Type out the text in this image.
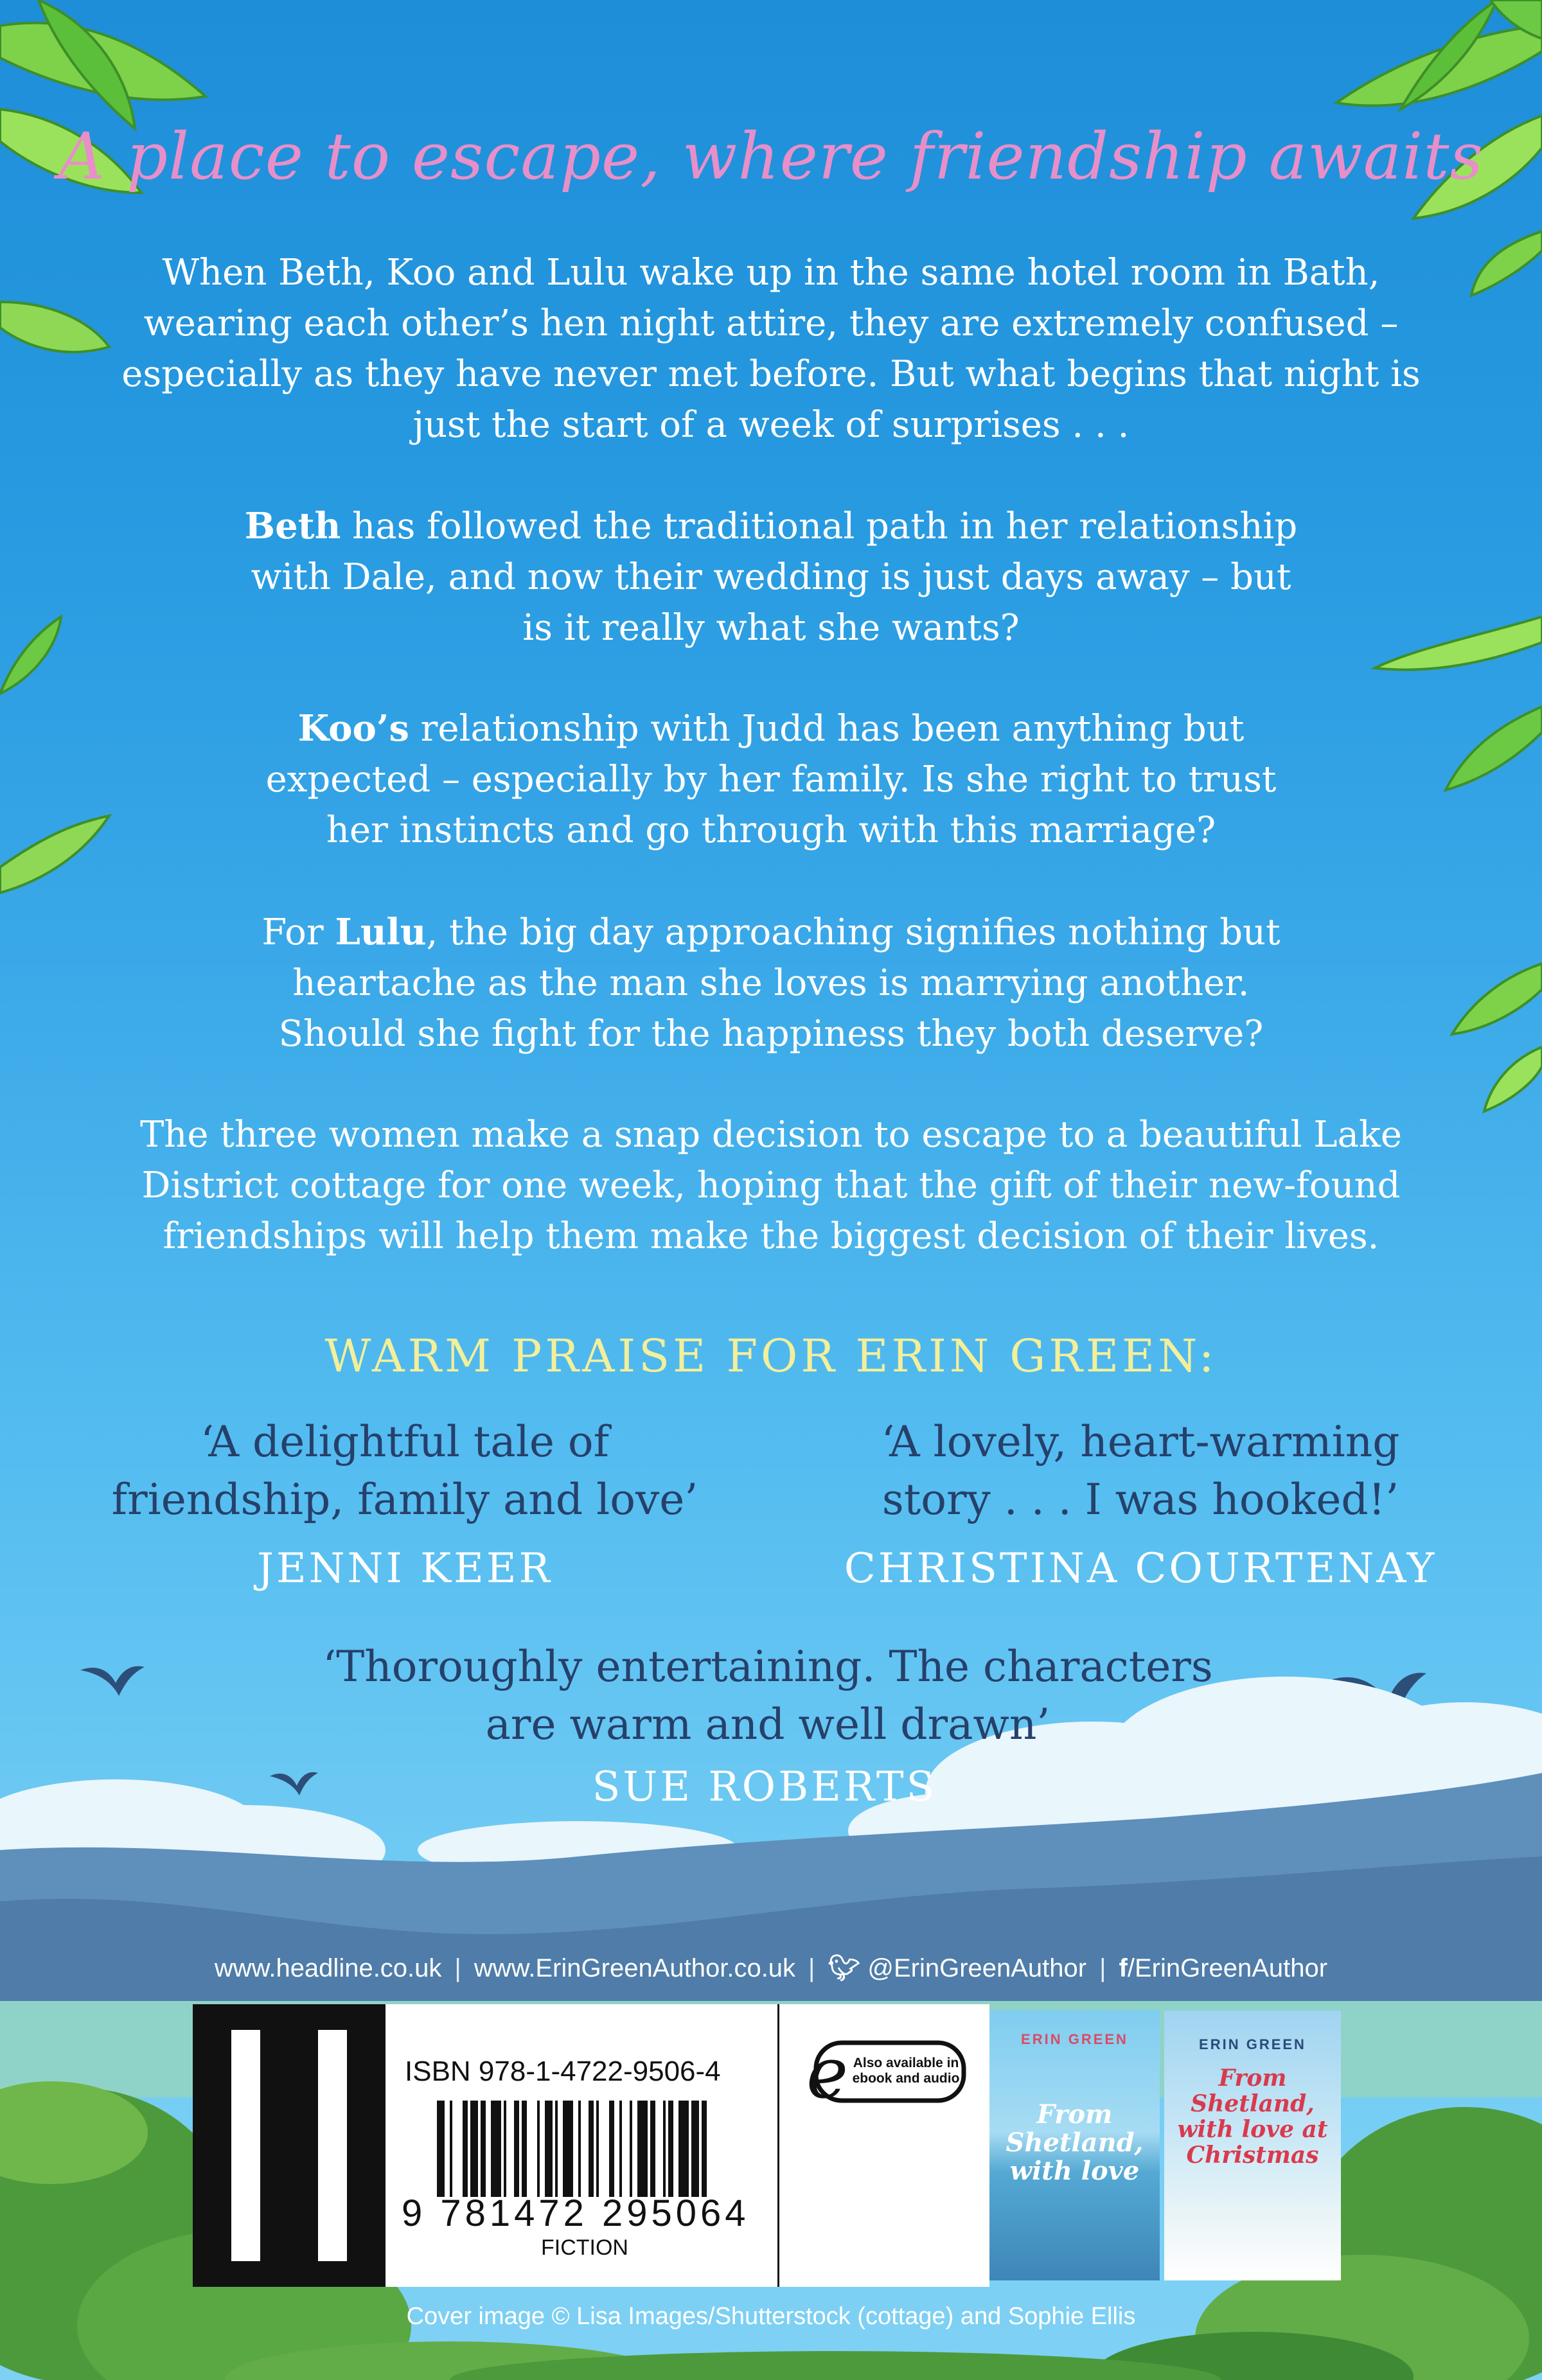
A place to escape, where friendship awaits
When Beth, Koo and Lulu wake up in the same hotel room in Bath, wearing each other’s hen night attire, they are extremely confused – especially as they have never met before. But what begins that night is just the start of a week of surprises . . .
Beth has followed the traditional path in her relationship with Dale, and now their wedding is just days away – but is it really what she wants?
Koo’s relationship with Judd has been anything but expected – especially by her family. Is she right to trust her instincts and go through with this marriage?
For Lulu, the big day approaching signifies nothing but heartache as the man she loves is marrying another. Should she fight for the happiness they both deserve?
The three women make a snap decision to escape to a beautiful Lake District cottage for one week, hoping that the gift of their new-found friendships will help them make the biggest decision of their lives.
WARM PRAISE FOR ERIN GREEN:
‘A delightful tale of friendship, family and love’
JENNI KEER
‘A lovely, heart-warming story . . . I was hooked!’
CHRISTINA COURTENAY
‘Thoroughly entertaining. The characters are warm and well drawn’
SUE ROBERTS
www.headline.co.uk | www.ErinGreenAuthor.co.uk | 🐦︎ @ErinGreenAuthor | f/ErinGreenAuthor
ISBN 978-1-4722-9506-4
9 781472 295064
FICTION
e Also available in ebook and audio
ERIN GREEN
From Shetland, with love
ERIN GREEN
From Shetland, with love at Christmas
Cover image © Lisa Images/Shutterstock (cottage) and Sophie Ellis
